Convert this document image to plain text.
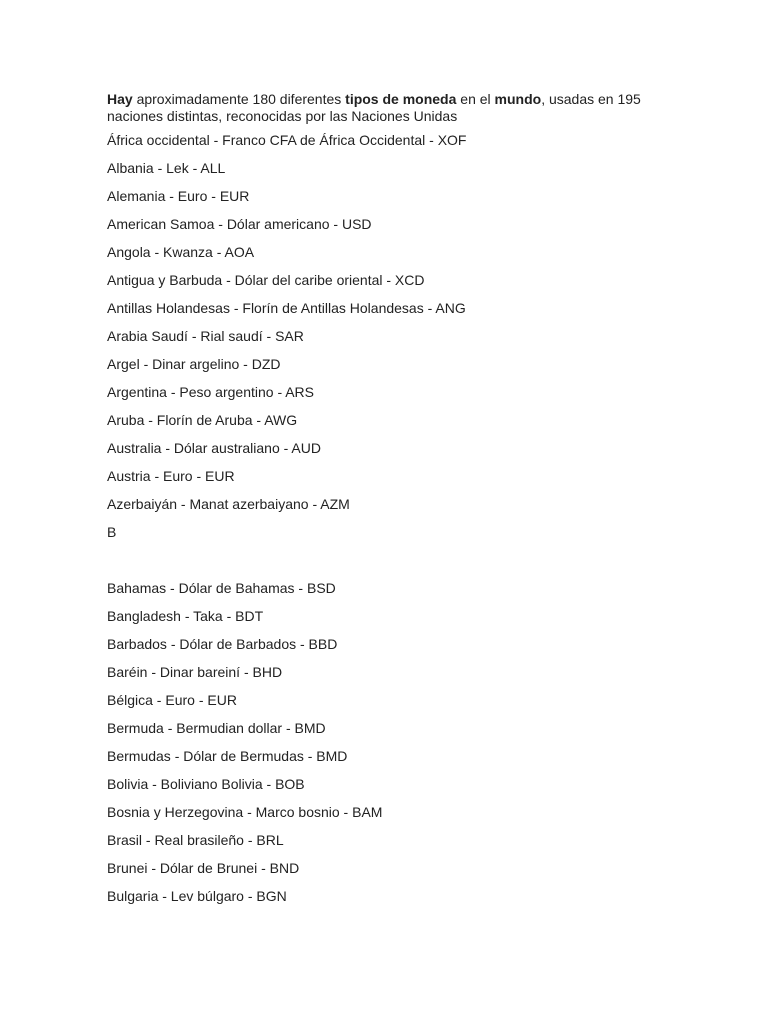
Hay aproximadamente 180 diferentes tipos de moneda en el mundo, usadas en 195 naciones distintas, reconocidas por las Naciones Unidas

África occidental - Franco CFA de África Occidental - XOF
Albania - Lek - ALL
Alemania - Euro - EUR
American Samoa - Dólar americano - USD
Angola - Kwanza - AOA
Antigua y Barbuda - Dólar del caribe oriental - XCD
Antillas Holandesas - Florín de Antillas Holandesas - ANG
Arabia Saudí - Rial saudí - SAR
Argel - Dinar argelino - DZD
Argentina - Peso argentino - ARS
Aruba - Florín de Aruba - AWG
Australia - Dólar australiano - AUD
Austria - Euro - EUR
Azerbaiyán - Manat azerbaiyano - AZM
B
Bahamas - Dólar de Bahamas - BSD
Bangladesh - Taka - BDT
Barbados - Dólar de Barbados - BBD
Baréin - Dinar bareiní - BHD
Bélgica - Euro - EUR
Bermuda - Bermudian dollar - BMD
Bermudas - Dólar de Bermudas - BMD
Bolivia - Boliviano Bolivia - BOB
Bosnia y Herzegovina - Marco bosnio - BAM
Brasil - Real brasileño - BRL
Brunei - Dólar de Brunei - BND
Bulgaria - Lev búlgaro - BGN
